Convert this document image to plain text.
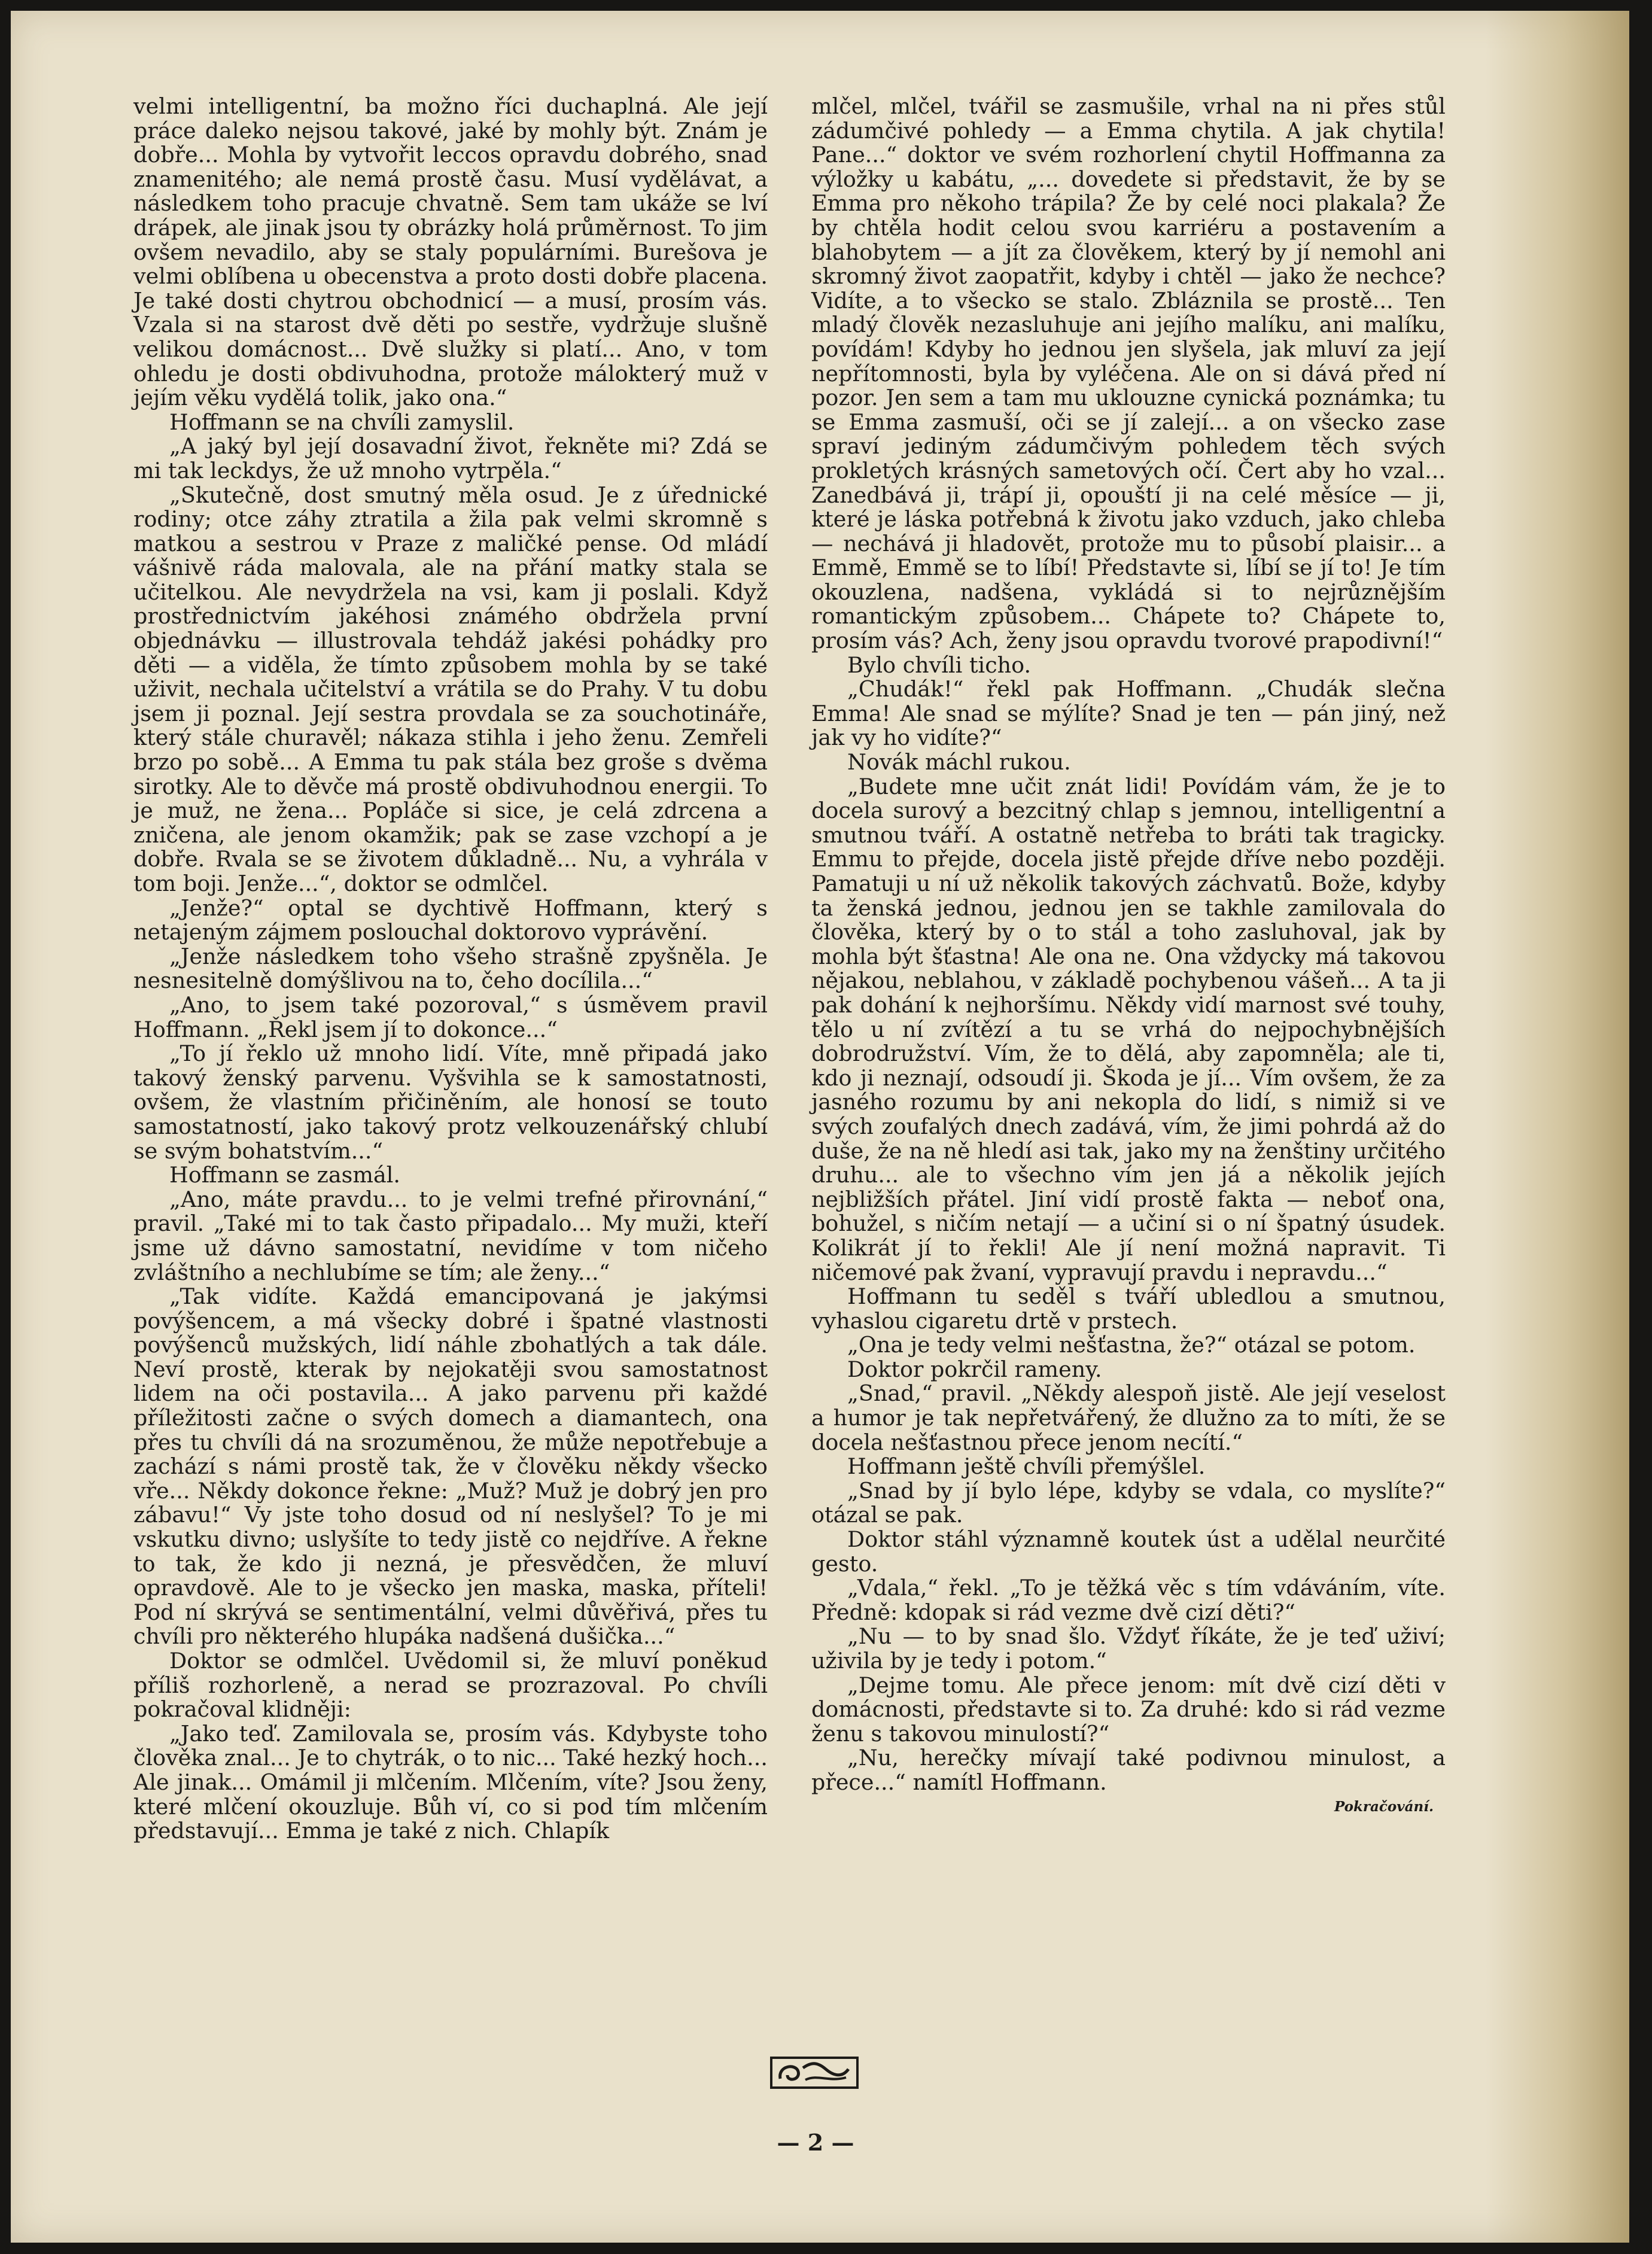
velmi intelligentní, ba možno říci duchaplná. Ale její práce daleko nejsou takové, jaké by mohly být. Znám je dobře... Mohla by vytvořit leccos opravdu dobrého, snad znamenitého; ale nemá prostě času. Musí vydělávat, a následkem toho pracuje chvatně. Sem tam ukáže se lví drápek, ale jinak jsou ty obrázky holá průměrnost. To jim ovšem nevadilo, aby se staly populárními. Burešova je velmi oblíbena u obecenstva a proto dosti dobře placena. Je také dosti chytrou obchodnicí — a musí, prosím vás. Vzala si na starost dvě děti po sestře, vydržuje slušně velikou domácnost... Dvě služky si platí... Ano, v tom ohledu je dosti obdivuhodna, protože málokterý muž v jejím věku vydělá tolik, jako ona.“

Hoffmann se na chvíli zamyslil.

„A jaký byl její dosavadní život, řekněte mi? Zdá se mi tak leckdys, že už mnoho vytrpěla.“

„Skutečně, dost smutný měla osud. Je z úřednické rodiny; otce záhy ztratila a žila pak velmi skromně s matkou a sestrou v Praze z maličké pense. Od mládí vášnivě ráda malovala, ale na přání matky stala se učitelkou. Ale nevydržela na vsi, kam ji poslali. Když prostřednictvím jakéhosi známého obdržela první objednávku — illustrovala tehdáž jakési pohádky pro děti — a viděla, že tímto způsobem mohla by se také uživit, nechala učitelství a vrátila se do Prahy. V tu dobu jsem ji poznal. Její sestra provdala se za souchotináře, který stále churavěl; nákaza stihla i jeho ženu. Zemřeli brzo po sobě... A Emma tu pak stála bez groše s dvěma sirotky. Ale to děvče má prostě obdivuhodnou energii. To je muž, ne žena... Popláče si sice, je celá zdrcena a zničena, ale jenom okamžik; pak se zase vzchopí a je dobře. Rvala se se životem důkladně... Nu, a vyhrála v tom boji. Jenže...“, doktor se odmlčel.

„Jenže?“ optal se dychtivě Hoffmann, který s netajeným zájmem poslouchal doktorovo vyprávění.

„Jenže následkem toho všeho strašně zpyšněla. Je nesnesitelně domýšlivou na to, čeho docílila...“

„Ano, to jsem také pozoroval,“ s úsměvem pravil Hoffmann. „Řekl jsem jí to dokonce...“

„To jí řeklo už mnoho lidí. Víte, mně připadá jako takový ženský parvenu. Vyšvihla se k samostatnosti, ovšem, že vlastním přičiněním, ale honosí se touto samostatností, jako takový protz velkouzenářský chlubí se svým bohatstvím...“

Hoffmann se zasmál.

„Ano, máte pravdu... to je velmi trefné přirovnání,“ pravil. „Také mi to tak často připadalo... My muži, kteří jsme už dávno samostatní, nevidíme v tom ničeho zvláštního a nechlubíme se tím; ale ženy...“

„Tak vidíte. Každá emancipovaná je jakýmsi povýšencem, a má všecky dobré i špatné vlastnosti povýšenců mužských, lidí náhle zbohatlých a tak dále. Neví prostě, kterak by nejokatěji svou samostatnost lidem na oči postavila... A jako parvenu při každé příležitosti začne o svých domech a diamantech, ona přes tu chvíli dá na srozuměnou, že může nepotřebuje a zachází s námi prostě tak, že v člověku někdy všecko vře... Někdy dokonce řekne: „Muž? Muž je dobrý jen pro zábavu!“ Vy jste toho dosud od ní neslyšel? To je mi vskutku divno; uslyšíte to tedy jistě co nejdříve. A řekne to tak, že kdo ji nezná, je přesvědčen, že mluví opravdově. Ale to je všecko jen maska, maska, příteli! Pod ní skrývá se sentimentální, velmi důvěřivá, přes tu chvíli pro některého hlupáka nadšená dušička...“

Doktor se odmlčel. Uvědomil si, že mluví poněkud příliš rozhorleně, a nerad se prozrazoval. Po chvíli pokračoval klidněji:

„Jako teď. Zamilovala se, prosím vás. Kdybyste toho člověka znal... Je to chytrák, o to nic... Také hezký hoch... Ale jinak... Omámil ji mlčením. Mlčením, víte? Jsou ženy, které mlčení okouzluje. Bůh ví, co si pod tím mlčením představují... Emma je také z nich. Chlapík

mlčel, mlčel, tvářil se zasmušile, vrhal na ni přes stůl zádumčivé pohledy — a Emma chytila. A jak chytila! Pane...“ doktor ve svém rozhorlení chytil Hoffmanna za výložky u kabátu, „... dovedete si představit, že by se Emma pro někoho trápila? Že by celé noci plakala? Že by chtěla hodit celou svou karriéru a postavením a blahobytem — a jít za člověkem, který by jí nemohl ani skromný život zaopatřit, kdyby i chtěl — jako že nechce? Vidíte, a to všecko se stalo. Zbláznila se prostě... Ten mladý člověk nezasluhuje ani jejího malíku, ani malíku, povídám! Kdyby ho jednou jen slyšela, jak mluví za její nepřítomnosti, byla by vyléčena. Ale on si dává před ní pozor. Jen sem a tam mu uklouzne cynická poznámka; tu se Emma zasmuší, oči se jí zalejí... a on všecko zase spraví jediným zádumčivým pohledem těch svých prokletých krásných sametových očí. Čert aby ho vzal... Zanedbává ji, trápí ji, opouští ji na celé měsíce — ji, které je láska potřebná k životu jako vzduch, jako chleba — nechává ji hladovět, protože mu to působí plaisir... a Emmě, Emmě se to líbí! Představte si, líbí se jí to! Je tím okouzlena, nadšena, vykládá si to nejrůznějším romantickým způsobem... Chápete to? Chápete to, prosím vás? Ach, ženy jsou opravdu tvorové prapodivní!“

Bylo chvíli ticho.

„Chudák!“ řekl pak Hoffmann. „Chudák slečna Emma! Ale snad se mýlíte? Snad je ten — pán jiný, než jak vy ho vidíte?“

Novák máchl rukou.

„Budete mne učit znát lidi! Povídám vám, že je to docela surový a bezcitný chlap s jemnou, intelligentní a smutnou tváří. A ostatně netřeba to bráti tak tragicky. Emmu to přejde, docela jistě přejde dříve nebo později. Pamatuji u ní už několik takových záchvatů. Bože, kdyby ta ženská jednou, jednou jen se takhle zamilovala do člověka, který by o to stál a toho zasluhoval, jak by mohla být šťastna! Ale ona ne. Ona vždycky má takovou nějakou, neblahou, v základě pochybenou vášeň... A ta ji pak dohání k nejhoršímu. Někdy vidí marnost své touhy, tělo u ní zvítězí a tu se vrhá do nejpochybnějších dobrodružství. Vím, že to dělá, aby zapomněla; ale ti, kdo ji neznají, odsoudí ji. Škoda je jí... Vím ovšem, že za jasného rozumu by ani nekopla do lidí, s nimiž si ve svých zoufalých dnech zadává, vím, že jimi pohrdá až do duše, že na ně hledí asi tak, jako my na ženštiny určitého druhu... ale to všechno vím jen já a několik jejích nejbližších přátel. Jiní vidí prostě fakta — neboť ona, bohužel, s ničím netají — a učiní si o ní špatný úsudek. Kolikrát jí to řekli! Ale jí není možná napravit. Ti ničemové pak žvaní, vypravují pravdu i nepravdu...“

Hoffmann tu seděl s tváří ubledlou a smutnou, vyhaslou cigaretu drtě v prstech.

„Ona je tedy velmi nešťastna, že?“ otázal se potom.

Doktor pokrčil rameny.

„Snad,“ pravil. „Někdy alespoň jistě. Ale její veselost a humor je tak nepřetvářený, že dlužno za to míti, že se docela nešťastnou přece jenom necítí.“

Hoffmann ještě chvíli přemýšlel.

„Snad by jí bylo lépe, kdyby se vdala, co myslíte?“ otázal se pak.

Doktor stáhl významně koutek úst a udělal neurčité gesto.

„Vdala,“ řekl. „To je těžká věc s tím vdáváním, víte. Předně: kdopak si rád vezme dvě cizí děti?“

„Nu — to by snad šlo. Vždyť říkáte, že je teď uživí; uživila by je tedy i potom.“

„Dejme tomu. Ale přece jenom: mít dvě cizí děti v domácnosti, představte si to. Za druhé: kdo si rád vezme ženu s takovou minulostí?“

„Nu, herečky mívají také podivnou minulost, a přece...“ namítl Hoffmann.

Pokračování.

— 2 —
